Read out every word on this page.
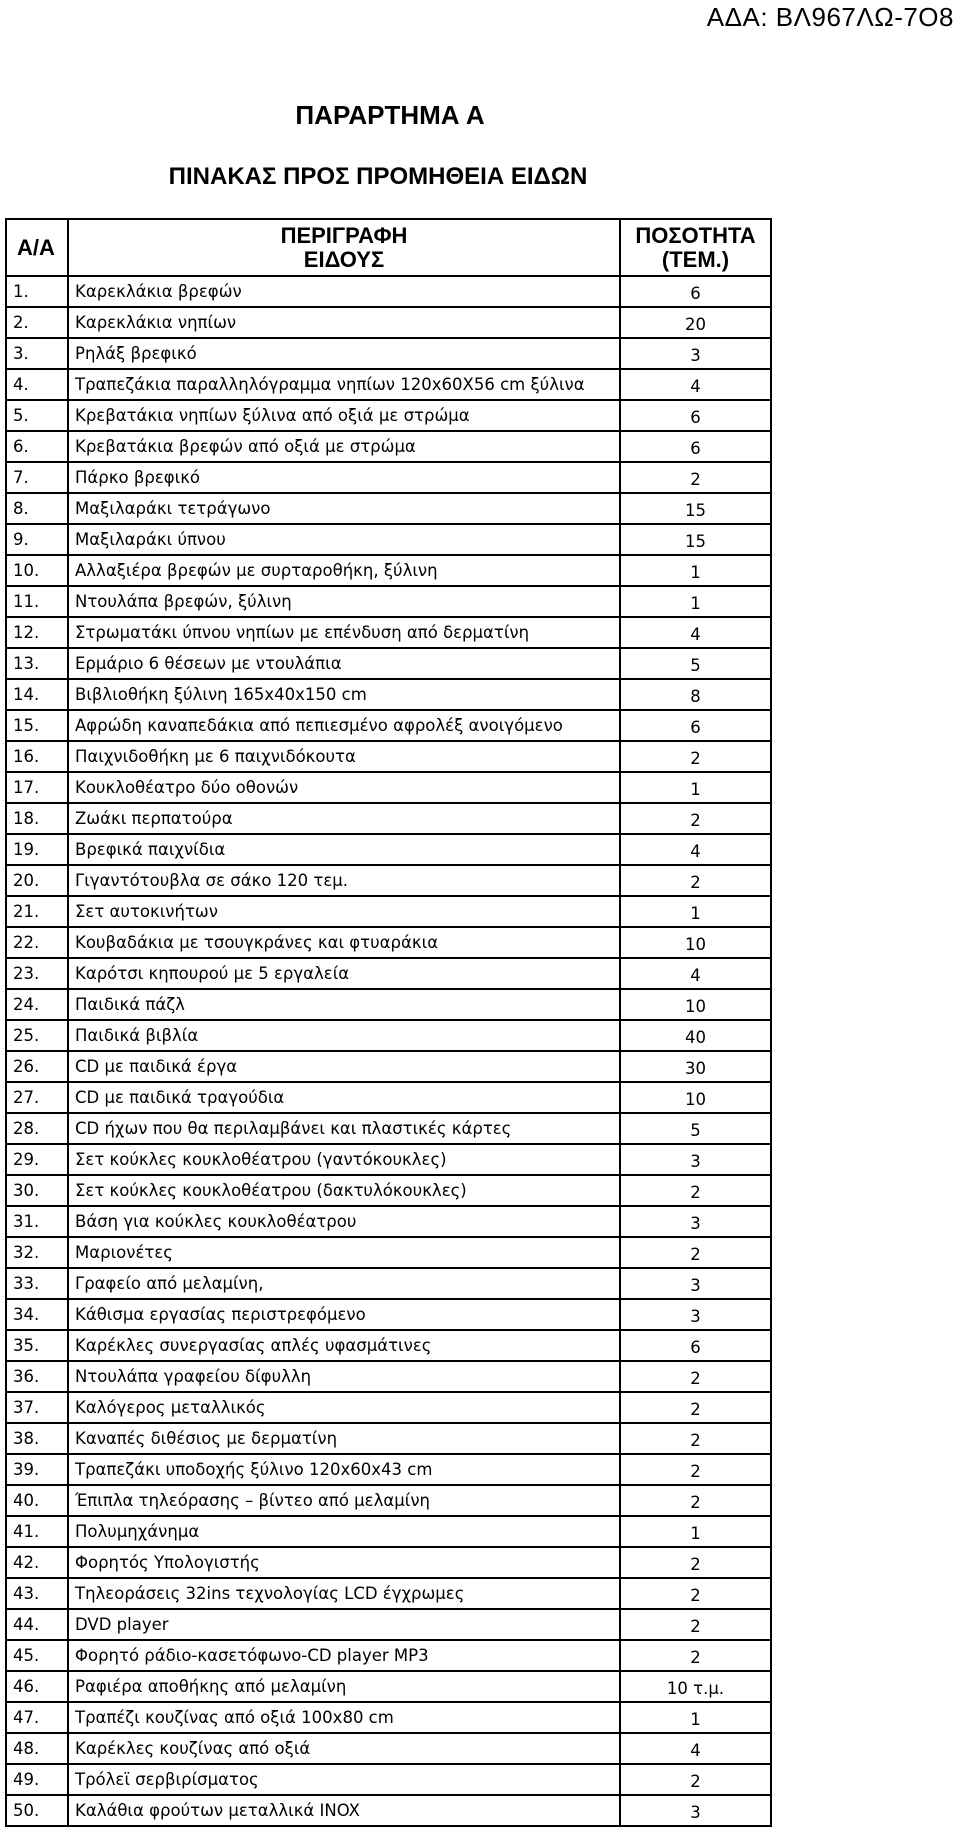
ΑΔΑ: ΒΛ967ΛΩ-7Ο8
ΠΑΡΑΡΤΗΜΑ Α
ΠΙΝΑΚΑΣ ΠΡΟΣ ΠΡΟΜΗΘΕΙΑ ΕΙΔΩΝ
Α/Α	ΠΕΡΙΓΡΑΦΗ ΕΙΔΟΥΣ	ΠΟΣΟΤΗΤΑ (ΤΕΜ.)
1.	Καρεκλάκια βρεφών	6
2.	Καρεκλάκια νηπίων	20
3.	Ρηλάξ βρεφικό	3
4.	Τραπεζάκια παραλληλόγραμμα νηπίων 120x60X56 cm ξύλινα	4
5.	Κρεβατάκια νηπίων ξύλινα από οξιά με στρώμα	6
6.	Κρεβατάκια βρεφών από οξιά με στρώμα	6
7.	Πάρκο βρεφικό	2
8.	Μαξιλαράκι τετράγωνο	15
9.	Μαξιλαράκι ύπνου	15
10.	Αλλαξιέρα βρεφών με συρταροθήκη, ξύλινη	1
11.	Ντουλάπα βρεφών, ξύλινη	1
12.	Στρωματάκι ύπνου νηπίων με επένδυση από δερματίνη	4
13.	Ερμάριο 6 θέσεων με ντουλάπια	5
14.	Βιβλιοθήκη ξύλινη 165x40x150 cm	8
15.	Αφρώδη καναπεδάκια από πεπιεσμένο αφρολέξ ανοιγόμενο	6
16.	Παιχνιδοθήκη με 6 παιχνιδόκουτα	2
17.	Κουκλοθέατρο δύο οθονών	1
18.	Ζωάκι περπατούρα	2
19.	Βρεφικά παιχνίδια	4
20.	Γιγαντότουβλα σε σάκο 120 τεμ.	2
21.	Σετ αυτοκινήτων	1
22.	Κουβαδάκια με τσουγκράνες και φτυαράκια	10
23.	Καρότσι κηπουρού με 5 εργαλεία	4
24.	Παιδικά πάζλ	10
25.	Παιδικά βιβλία	40
26.	CD με παιδικά έργα	30
27.	CD με παιδικά τραγούδια	10
28.	CD ήχων που θα περιλαμβάνει και πλαστικές κάρτες	5
29.	Σετ κούκλες κουκλοθέατρου (γαντόκουκλες)	3
30.	Σετ κούκλες κουκλοθέατρου (δακτυλόκουκλες)	2
31.	Βάση για κούκλες κουκλοθέατρου	3
32.	Μαριονέτες	2
33.	Γραφείο από μελαμίνη,	3
34.	Κάθισμα εργασίας περιστρεφόμενο	3
35.	Καρέκλες συνεργασίας απλές υφασμάτινες	6
36.	Ντουλάπα γραφείου δίφυλλη	2
37.	Καλόγερος μεταλλικός	2
38.	Καναπές διθέσιος με δερματίνη	2
39.	Τραπεζάκι υποδοχής ξύλινο 120x60x43 cm	2
40.	Έπιπλα τηλεόρασης – βίντεο από μελαμίνη	2
41.	Πολυμηχάνημα	1
42.	Φορητός Υπολογιστής	2
43.	Τηλεοράσεις 32ins τεχνολογίας LCD έγχρωμες	2
44.	DVD player	2
45.	Φορητό ράδιο-κασετόφωνο-CD player MP3	2
46.	Ραφιέρα αποθήκης από μελαμίνη	10 τ.μ.
47.	Τραπέζι κουζίνας από οξιά 100x80 cm	1
48.	Καρέκλες κουζίνας από οξιά	4
49.	Τρόλεϊ σερβιρίσματος	2
50.	Καλάθια φρούτων μεταλλικά INOX	3
